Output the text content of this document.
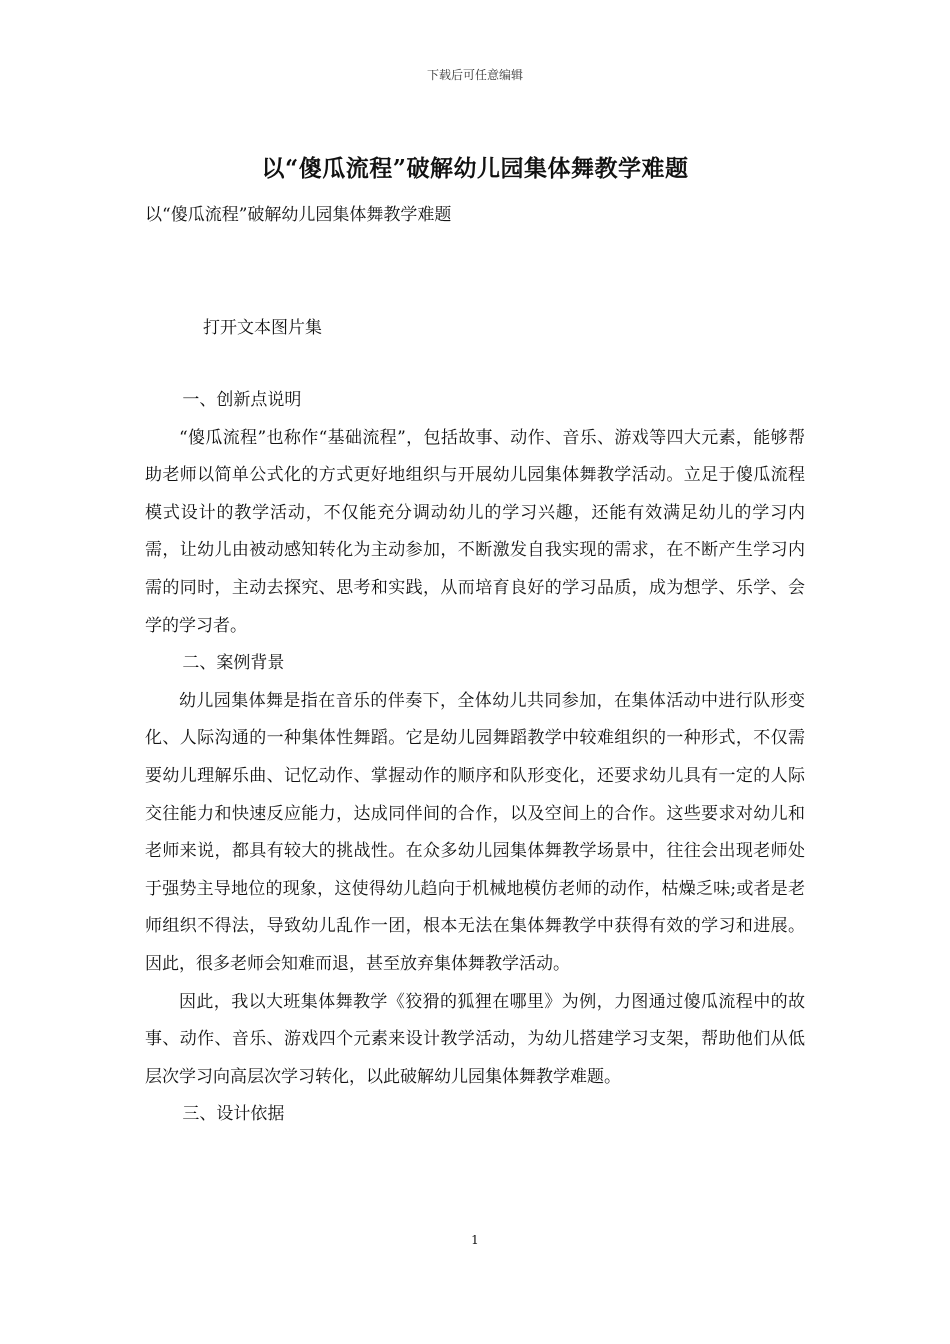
下载后可任意编辑
以“傻瓜流程”破解幼儿园集体舞教学难题
以“傻瓜流程”破解幼儿园集体舞教学难题
打开文本图片集
一、创新点说明

“傻瓜流程”也称作“基础流程”，包括故事、动作、音乐、游戏等四大元素，能够帮助老师以简单公式化的方式更好地组织与开展幼儿园集体舞教学活动。立足于傻瓜流程模式设计的教学活动，不仅能充分调动幼儿的学习兴趣，还能有效满足幼儿的学习内需，让幼儿由被动感知转化为主动参加，不断激发自我实现的需求，在不断产生学习内需的同时，主动去探究、思考和实践，从而培育良好的学习品质，成为想学、乐学、会学的学习者。

二、案例背景

幼儿园集体舞是指在音乐的伴奏下，全体幼儿共同参加，在集体活动中进行队形变化、人际沟通的一种集体性舞蹈。它是幼儿园舞蹈教学中较难组织的一种形式，不仅需要幼儿理解乐曲、记忆动作、掌握动作的顺序和队形变化，还要求幼儿具有一定的人际交往能力和快速反应能力，达成同伴间的合作，以及空间上的合作。这些要求对幼儿和老师来说，都具有较大的挑战性。在众多幼儿园集体舞教学场景中，往往会出现老师处于强势主导地位的现象，这使得幼儿趋向于机械地模仿老师的动作，枯燥乏味;或者是老师组织不得法，导致幼儿乱作一团，根本无法在集体舞教学中获得有效的学习和进展。因此，很多老师会知难而退，甚至放弃集体舞教学活动。

因此，我以大班集体舞教学《狡猾的狐狸在哪里》为例，力图通过傻瓜流程中的故事、动作、音乐、游戏四个元素来设计教学活动，为幼儿搭建学习支架，帮助他们从低层次学习向高层次学习转化，以此破解幼儿园集体舞教学难题。

三、设计依据
1
